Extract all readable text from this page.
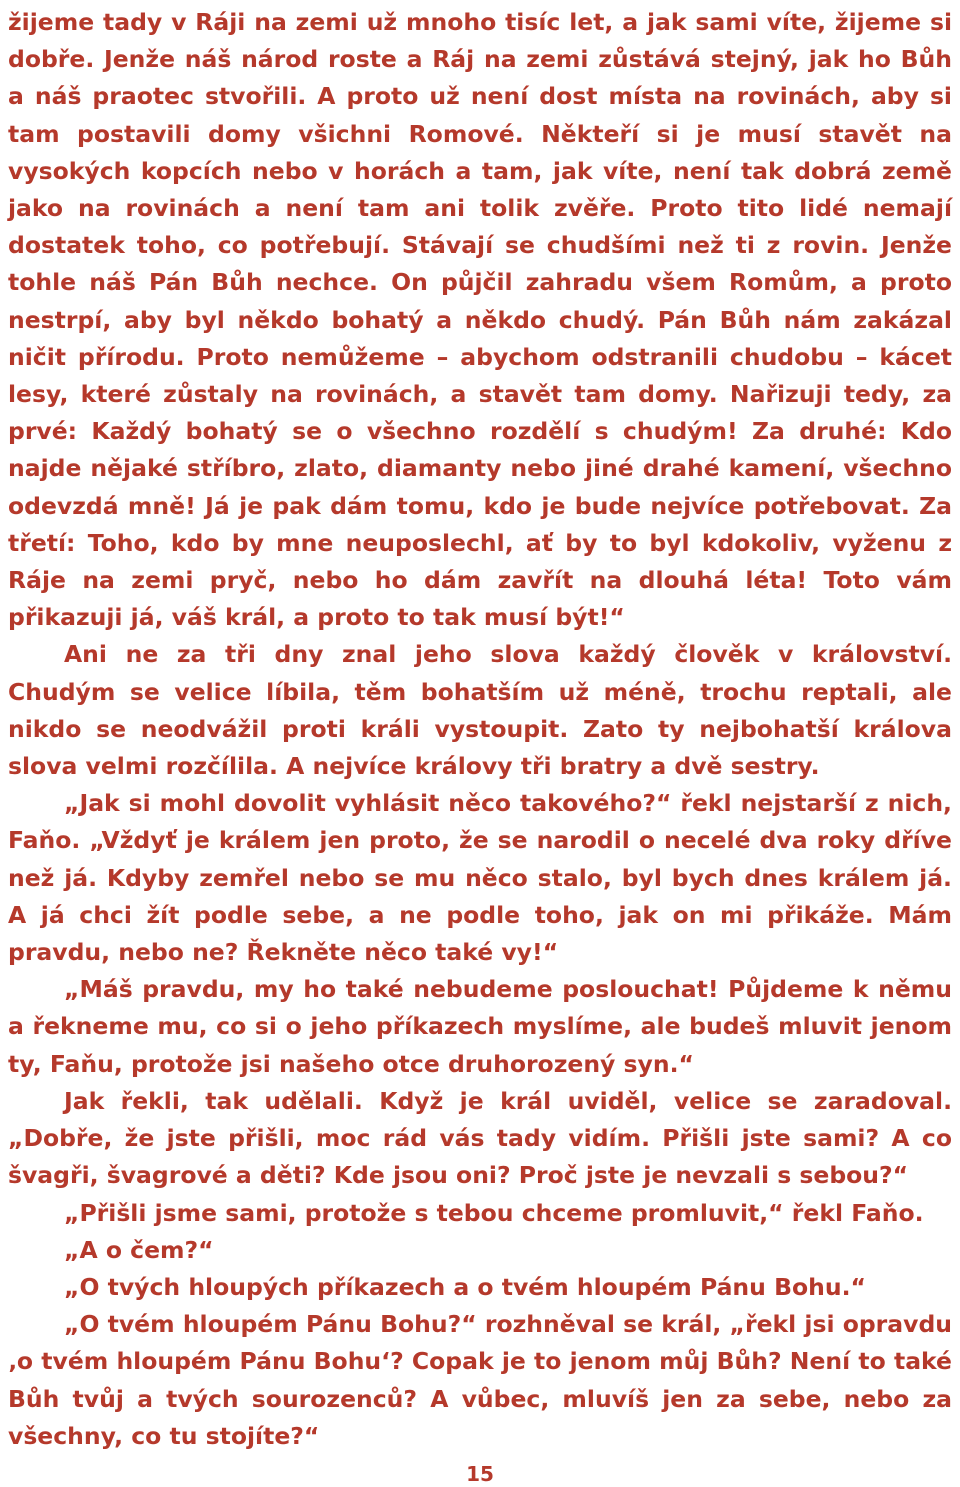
žijeme tady v Ráji na zemi už mnoho tisíc let, a jak sami víte, žijeme si dobře. Jenže náš národ roste a Ráj na zemi zůstává stejný, jak ho Bůh a náš praotec stvořili. A proto už není dost místa na rovinách, aby si tam postavili domy všichni Romové. Někteří si je musí stavět na vysokých kopcích nebo v horách a tam, jak víte, není tak dobrá země jako na rovinách a není tam ani tolik zvěře. Proto tito lidé nemají dostatek toho, co potřebují. Stávají se chudšími než ti z rovin. Jenže tohle náš Pán Bůh nechce. On půjčil zahradu všem Romům, a proto nestrpí, aby byl někdo bohatý a někdo chudý. Pán Bůh nám zakázal ničit přírodu. Proto nemůžeme – abychom odstranili chudobu – kácet lesy, které zůstaly na rovinách, a stavět tam domy. Nařizuji tedy, za prvé: Každý bohatý se o všechno rozdělí s chudým! Za druhé: Kdo najde nějaké stříbro, zlato, diamanty nebo jiné drahé kamení, všechno odevzdá mně! Já je pak dám tomu, kdo je bude nejvíce potřebovat. Za třetí: Toho, kdo by mne neuposlechl, ať by to byl kdokoliv, vyženu z Ráje na zemi pryč, nebo ho dám zavřít na dlouhá léta! Toto vám přikazuji já, váš král, a proto to tak musí být!“

Ani ne za tři dny znal jeho slova každý člověk v království. Chudým se velice líbila, těm bohatším už méně, trochu reptali, ale nikdo se neodvážil proti králi vystoupit. Zato ty nejbohatší králova slova velmi rozčílila. A nejvíce královy tři bratry a dvě sestry.

„Jak si mohl dovolit vyhlásit něco takového?“ řekl nejstarší z nich, Faňo. „Vždyť je králem jen proto, že se narodil o necelé dva roky dříve než já. Kdyby zemřel nebo se mu něco stalo, byl bych dnes králem já. A já chci žít podle sebe, a ne podle toho, jak on mi přikáže. Mám pravdu, nebo ne? Řekněte něco také vy!“

„Máš pravdu, my ho také nebudeme poslouchat! Půjdeme k němu a řekneme mu, co si o jeho příkazech myslíme, ale budeš mluvit jenom ty, Faňu, protože jsi našeho otce druhorozený syn.“

Jak řekli, tak udělali. Když je král uviděl, velice se zaradoval. „Dobře, že jste přišli, moc rád vás tady vidím. Přišli jste sami? A co švagři, švagrové a děti? Kde jsou oni? Proč jste je nevzali s sebou?“

„Přišli jsme sami, protože s tebou chceme promluvit,“ řekl Faňo.

„A o čem?“

„O tvých hloupých příkazech a o tvém hloupém Pánu Bohu.“

„O tvém hloupém Pánu Bohu?“ rozhněval se král, „řekl jsi opravdu ‚o tvém hloupém Pánu Bohu‘? Copak je to jenom můj Bůh? Není to také Bůh tvůj a tvých sourozenců? A vůbec, mluvíš jen za sebe, nebo za všechny, co tu stojíte?“

15
